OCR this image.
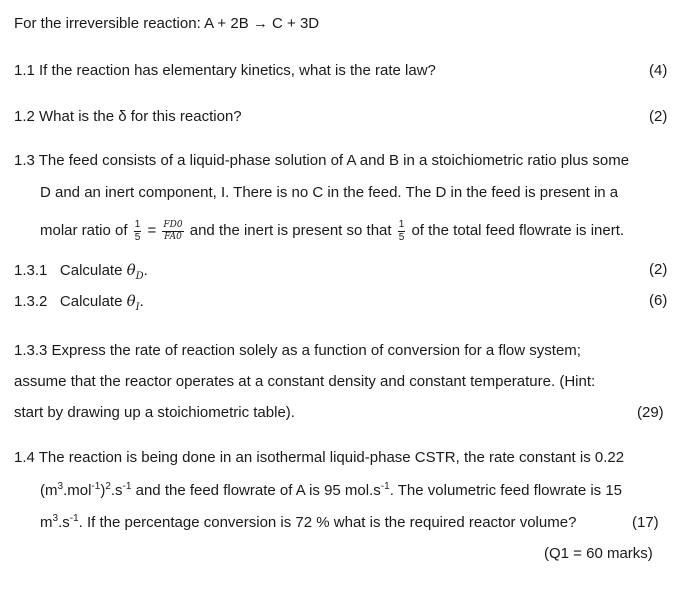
For the irreversible reaction: A + 2B → C + 3D
1.1 If the reaction has elementary kinetics, what is the rate law?	(4)
1.2 What is the δ for this reaction?	(2)
1.3 The feed consists of a liquid-phase solution of A and B in a stoichiometric ratio plus some
D and an inert component, I. There is no C in the feed. The D in the feed is present in a
molar ratio of $\frac{1}{5} = \frac{FD0}{FA0}$ and the inert is present so that $\frac{1}{5}$ of the total feed flowrate is inert.
1.3.1 Calculate $\theta_D$.	(2)
1.3.2 Calculate $\theta_I$.	(6)
1.3.3 Express the rate of reaction solely as a function of conversion for a flow system;
assume that the reactor operates at a constant density and constant temperature. (Hint:
start by drawing up a stoichiometric table).	(29)
1.4 The reaction is being done in an isothermal liquid-phase CSTR, the rate constant is 0.22
$(m^3.mol^{-1})^2.s^{-1}$ and the feed flowrate of A is 95 $mol.s^{-1}$. The volumetric feed flowrate is 15
$m^3.s^{-1}$. If the percentage conversion is 72 % what is the required reactor volume?	(17)
(Q1 = 60 marks)
